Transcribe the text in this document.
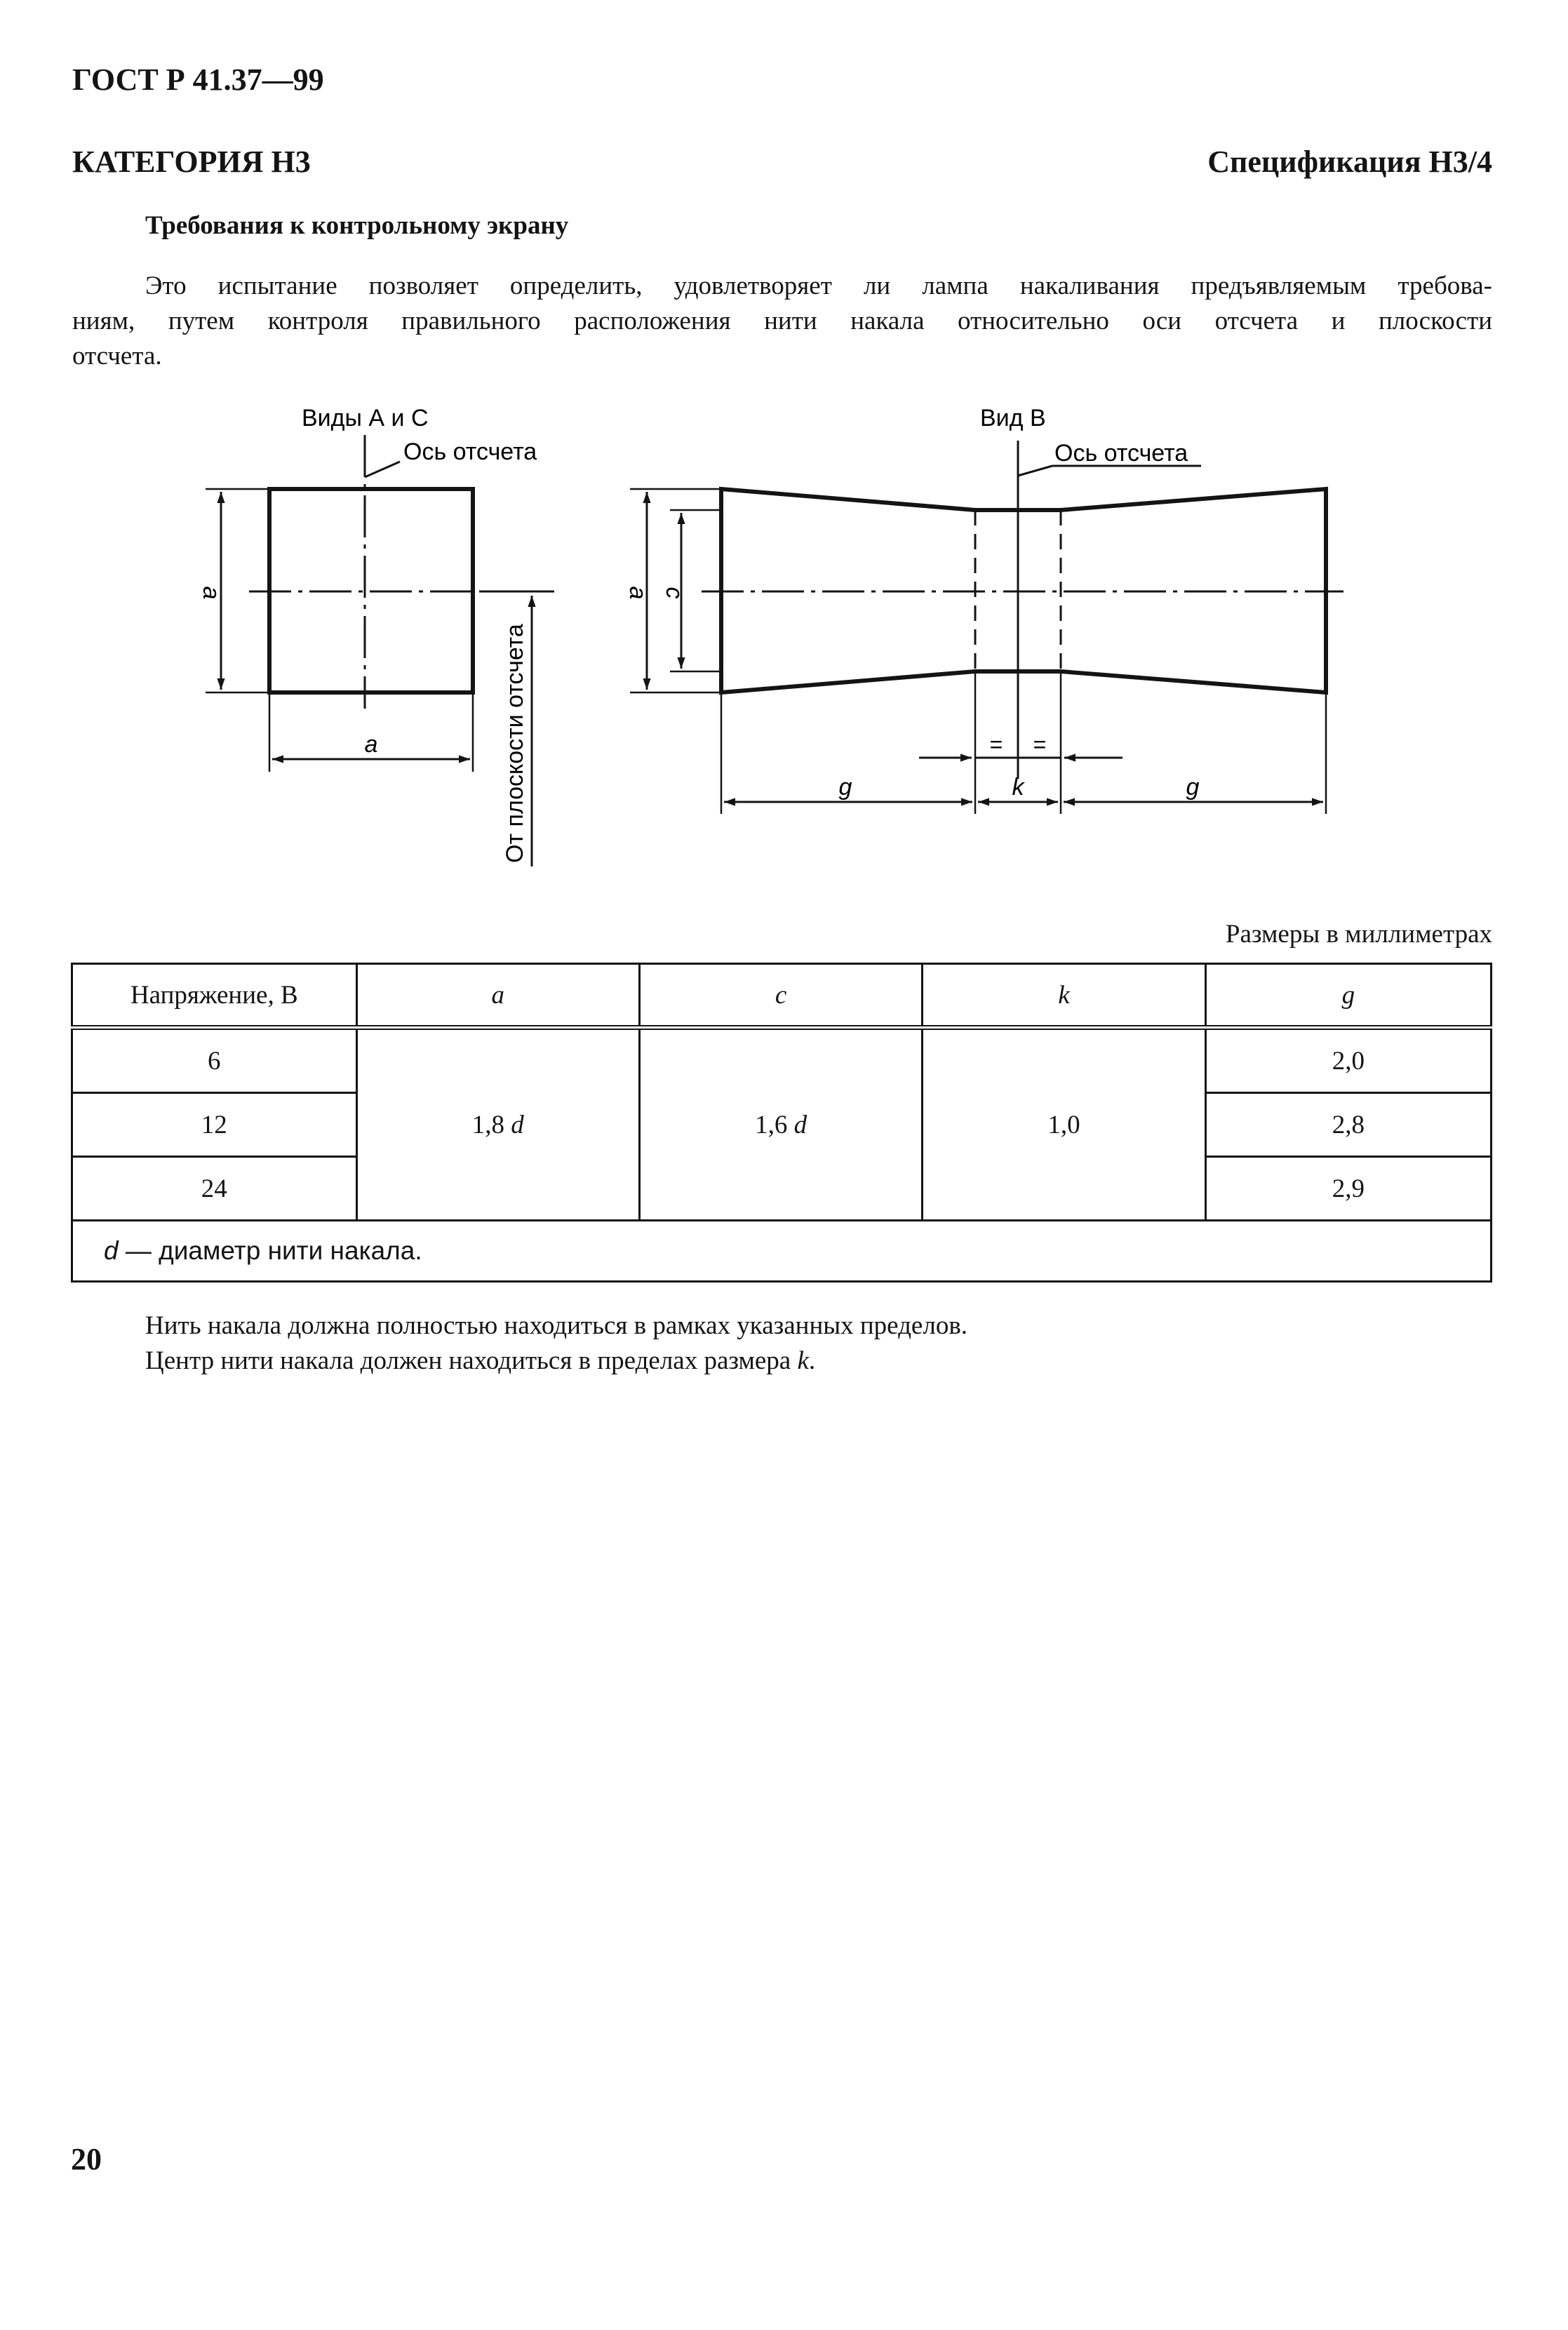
ГОСТ Р 41.37—99
КАТЕГОРИЯ Н3	Спецификация Н3/4
Требования к контрольному экрану
Это испытание позволяет определить, удовлетворяет ли лампа накаливания предъявляемым требова-
ниям, путем контроля правильного расположения нити накала относительно оси отсчета и плоскости
отсчета.
Виды А и С
Ось отсчета
a
a	От плоскости отсчета
Вид В
Ось отсчета
a c
= =
g	k	g
Размеры в миллиметрах
Напряжение, В	a	c	k	g
6	1,8 d	1,6 d	1,0	2,0
12				2,8
24				2,9
d — диаметр нити накала.				
Нить накала должна полностью находиться в рамках указанных пределов.
Центр нити накала должен находиться в пределах размера k.
20
